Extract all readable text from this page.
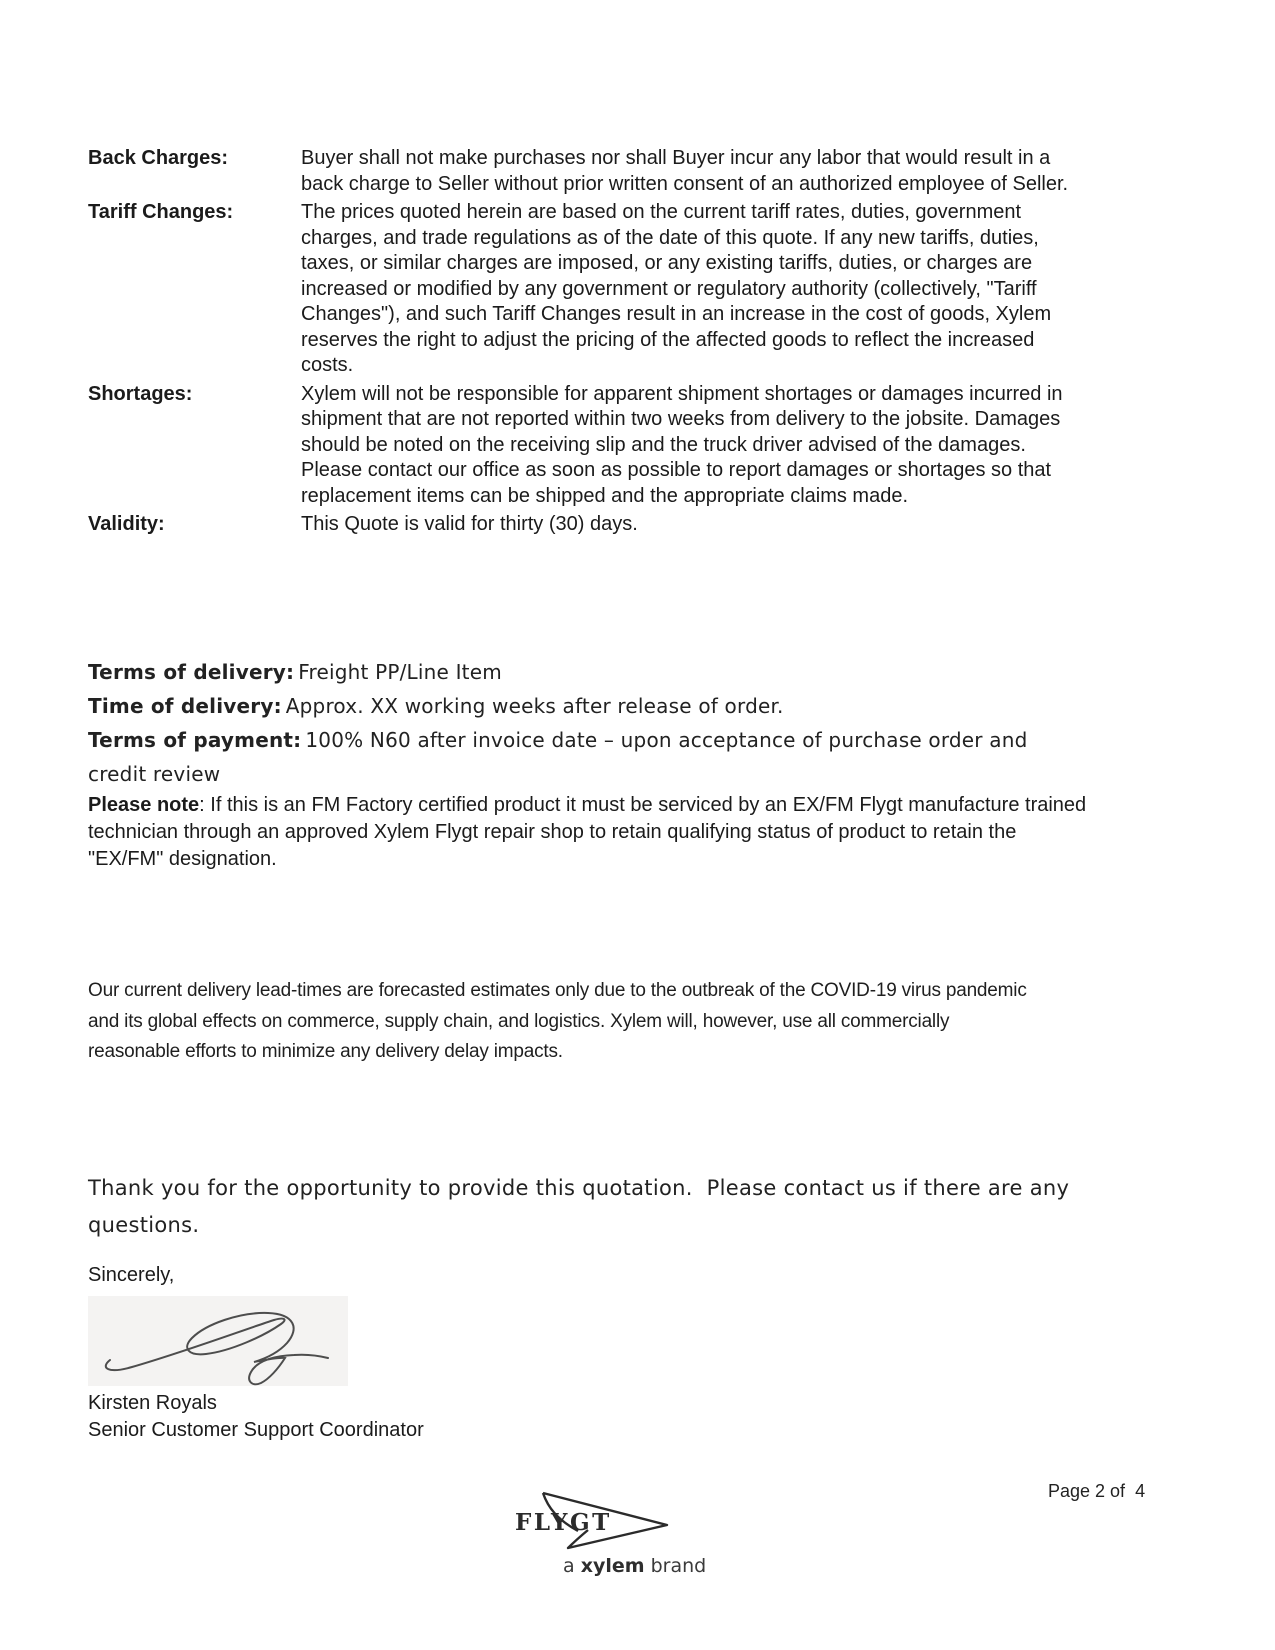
Back Charges:	Buyer shall not make purchases nor shall Buyer incur any labor that would result in a back charge to Seller without prior written consent of an authorized employee of Seller.
Tariff Changes:	The prices quoted herein are based on the current tariff rates, duties, government charges, and trade regulations as of the date of this quote. If any new tariffs, duties, taxes, or similar charges are imposed, or any existing tariffs, duties, or charges are increased or modified by any government or regulatory authority (collectively, "Tariff Changes"), and such Tariff Changes result in an increase in the cost of goods, Xylem reserves the right to adjust the pricing of the affected goods to reflect the increased costs.
Shortages:	Xylem will not be responsible for apparent shipment shortages or damages incurred in shipment that are not reported within two weeks from delivery to the jobsite. Damages should be noted on the receiving slip and the truck driver advised of the damages. Please contact our office as soon as possible to report damages or shortages so that replacement items can be shipped and the appropriate claims made.
Validity:	This Quote is valid for thirty (30) days.

Terms of delivery: Freight PP/Line Item

Time of delivery: Approx. XX working weeks after release of order.

Terms of payment: 100% N60 after invoice date – upon acceptance of purchase order and credit review

Please note: If this is an FM Factory certified product it must be serviced by an EX/FM Flygt manufacture trained technician through an approved Xylem Flygt repair shop to retain qualifying status of product to retain the "EX/FM" designation.

Our current delivery lead-times are forecasted estimates only due to the outbreak of the COVID-19 virus pandemic and its global effects on commerce, supply chain, and logistics. Xylem will, however, use all commercially reasonable efforts to minimize any delivery delay impacts.

Thank you for the opportunity to provide this quotation.  Please contact us if there are any questions.

Sincerely,
Kirsten Royals
Senior Customer Support Coordinator
Page 2 of  4
FLYGT
a xylem brand
